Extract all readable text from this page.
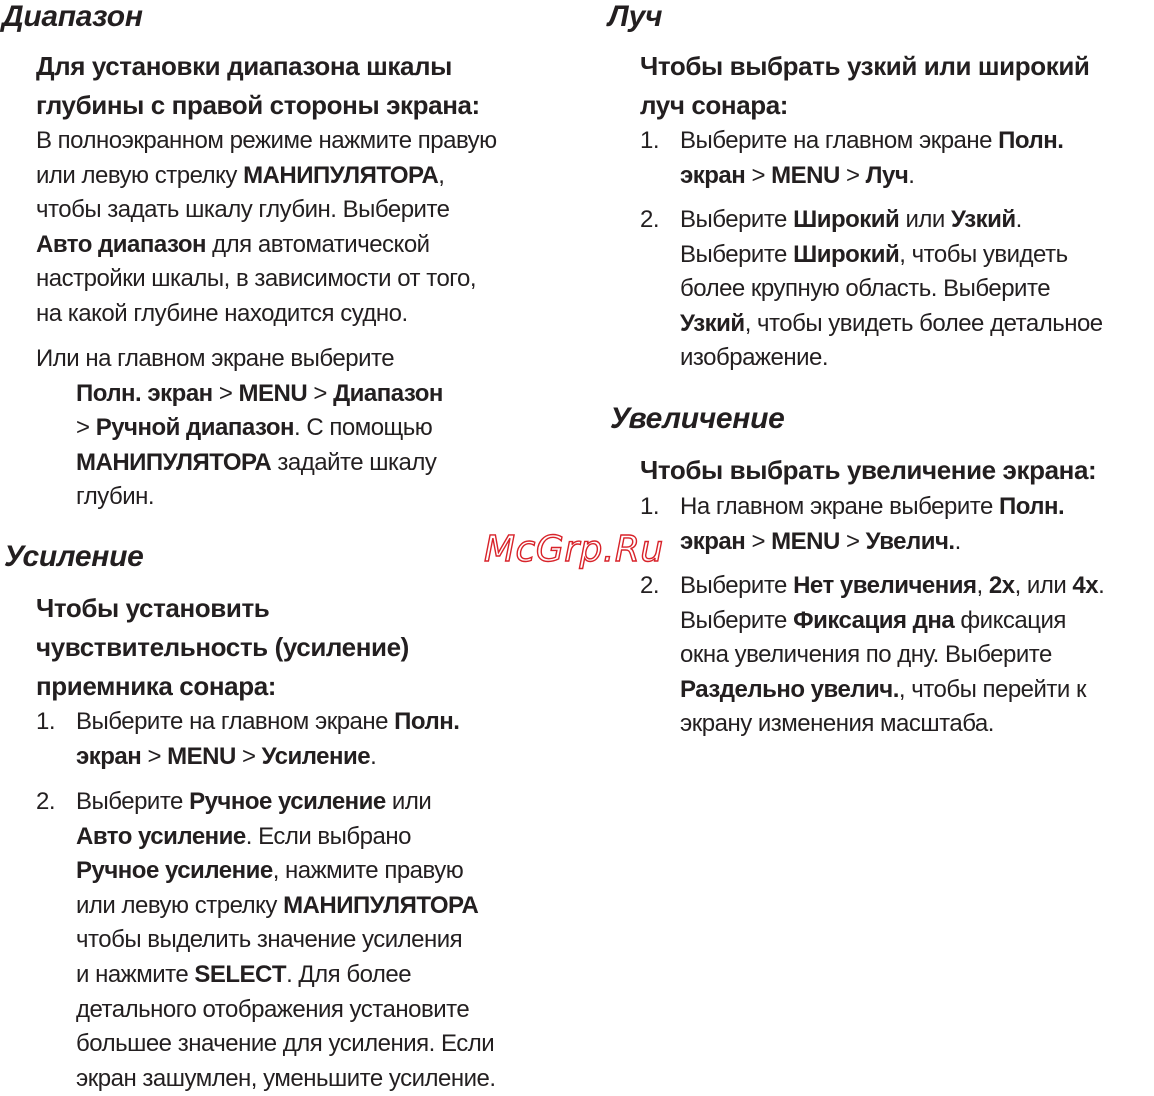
Диапазон

Для установки диапазона шкалы

глубины с правой стороны экрана:

В полноэкранном режиме нажмите правую

или левую стрелку МАНИПУЛЯТОРА,

чтобы задать шкалу глубин. Выберите

Авто диапазон для автоматической

настройки шкалы, в зависимости от того,

на какой глубине находится судно.

Или на главном экране выберите

Полн. экран > MENU > Диапазон

> Ручной диапазон. С помощью

МАНИПУЛЯТОРА задайте шкалу

глубин.

Усиление

Чтобы установить

чувствительность (усиление)

приемника сонара:

1. Выберите на главном экране Полн.
экран > MENU > Усиление.
2. Выберите Ручное усиление или
Авто усиление. Если выбрано
Ручное усиление, нажмите правую
или левую стрелку МАНИПУЛЯТОРА
чтобы выделить значение усиления
и нажмите SELECT. Для более
детального отображения установите
большее значение для усиления. Если
экран зашумлен, уменьшите усиление.
Луч

Чтобы выбрать узкий или широкий

луч сонара:

1. Выберите на главном экране Полн.
экран > MENU > Луч.
2. Выберите Широкий или Узкий.
Выберите Широкий, чтобы увидеть
более крупную область. Выберите
Узкий, чтобы увидеть более детальное
изображение.
Увеличение

Чтобы выбрать увеличение экрана:

1. На главном экране выберите Полн.
экран > MENU > Увелич..
2. Выберите Нет увеличения, 2x, или 4x.
Выберите Фиксация дна фиксация
окна увеличения по дну. Выберите
Раздельно увелич., чтобы перейти к
экрану изменения масштаба.
McGrp.Ru
